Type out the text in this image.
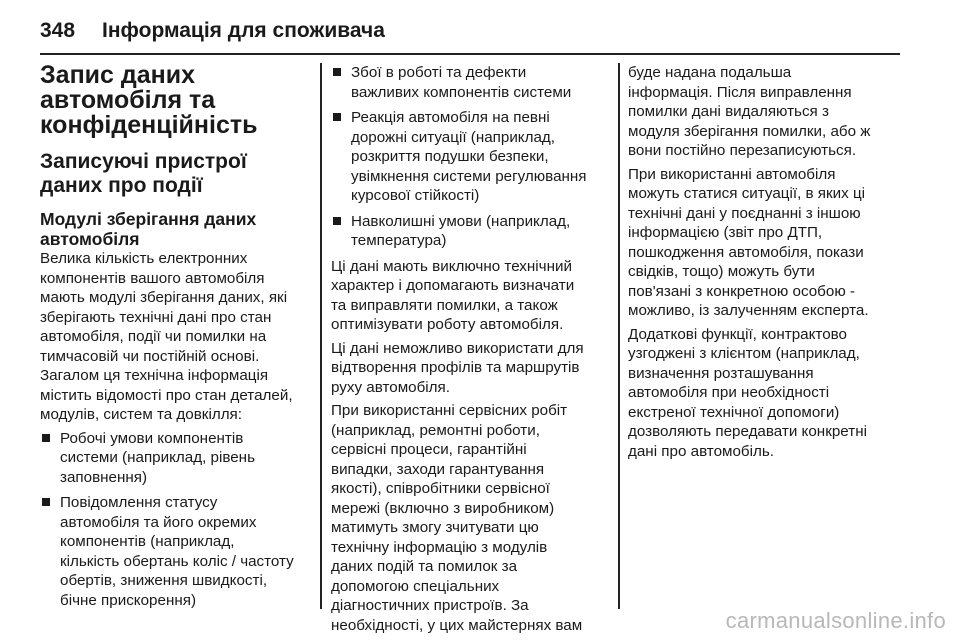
348	Інформація для споживача
Запис даних
автомобіля та
конфіденційність
Записуючі пристрої
даних про події
Модулі зберігання даних
автомобіля

Велика кількість електронних
компонентів вашого автомобіля
мають модулі зберігання даних, які
зберігають технічні дані про стан
автомобіля, події чи помилки на
тимчасовій чи постійній основі.
Загалом ця технічна інформація
містить відомості про стан деталей,
модулів, систем та довкілля:

Робочі умови компонентів
системи (наприклад, рівень
заповнення)
Повідомлення статусу
автомобіля та його окремих
компонентів (наприклад,
кількість обертань коліс / частоту
обертів, зниження швидкості,
бічне прискорення)
Збої в роботі та дефекти
важливих компонентів системи
Реакція автомобіля на певні
дорожні ситуації (наприклад,
розкриття подушки безпеки,
увімкнення системи регулювання
курсової стійкості)
Навколишні умови (наприклад,
температура)

Ці дані мають виключно технічний
характер і допомагають визначати
та виправляти помилки, а також
оптимізувати роботу автомобіля.

Ці дані неможливо використати для
відтворення профілів та маршрутів
руху автомобіля.

При використанні сервісних робіт
(наприклад, ремонтні роботи,
сервісні процеси, гарантійні
випадки, заходи гарантування
якості), співробітники сервісної
мережі (включно з виробником)
матимуть змогу зчитувати цю
технічну інформацію з модулів
даних подій та помилок за
допомогою спеціальних
діагностичних пристроїв. За
необхідності, у цих майстернях вам

буде надана подальша
інформація. Після виправлення
помилки дані видаляються з
модуля зберігання помилки, або ж
вони постійно перезаписуються.

При використанні автомобіля
можуть статися ситуації, в яких ці
технічні дані у поєднанні з іншою
інформацією (звіт про ДТП,
пошкодження автомобіля, покази
свідків, тощо) можуть бути
пов'язані з конкретною особою -
можливо, із залученням експерта.

Додаткові функції, контрактово
узгоджені з клієнтом (наприклад,
визначення розташування
автомобіля при необхідності
екстреної технічної допомоги)
дозволяють передавати конкретні
дані про автомобіль.

carmanualsonline.info
